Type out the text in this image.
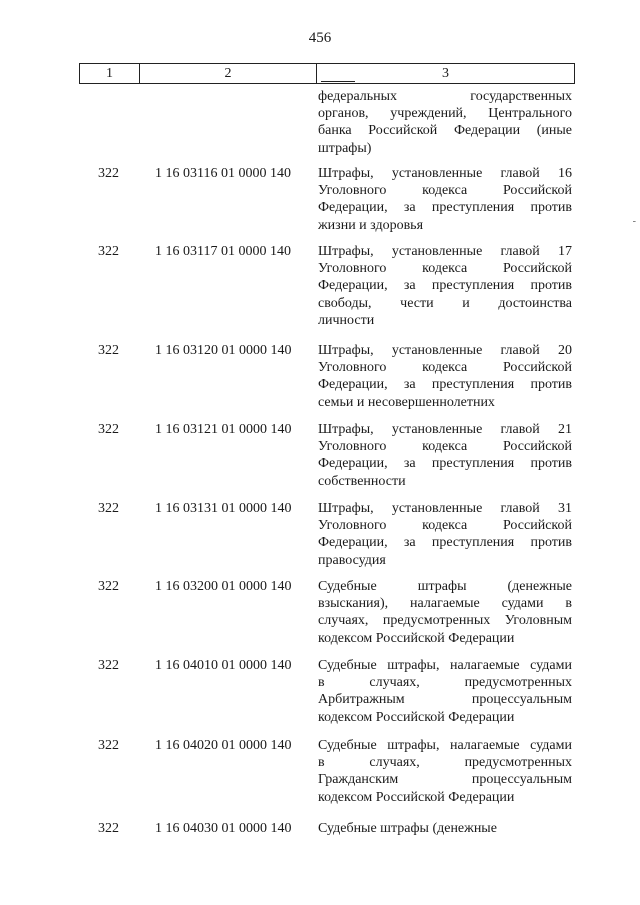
456
1	2	3
федеральных государственных
органов, учреждений, Центрального
банка Российской Федерации (иные
штрафы)
322	1 16 03116 01 0000 140	Штрафы, установленные главой 16
Уголовного кодекса Российской
Федерации, за преступления против
жизни и здоровья
322	1 16 03117 01 0000 140	Штрафы, установленные главой 17
Уголовного кодекса Российской
Федерации, за преступления против
свободы, чести и достоинства
личности
322	1 16 03120 01 0000 140	Штрафы, установленные главой 20
Уголовного кодекса Российской
Федерации, за преступления против
семьи и несовершеннолетних
322	1 16 03121 01 0000 140	Штрафы, установленные главой 21
Уголовного кодекса Российской
Федерации, за преступления против
собственности
322	1 16 03131 01 0000 140	Штрафы, установленные главой 31
Уголовного кодекса Российской
Федерации, за преступления против
правосудия
322	1 16 03200 01 0000 140	Судебные штрафы (денежные
взыскания), налагаемые судами в
случаях, предусмотренных Уголовным
кодексом Российской Федерации
322	1 16 04010 01 0000 140	Судебные штрафы, налагаемые судами
в случаях, предусмотренных
Арбитражным процессуальным
кодексом Российской Федерации
322	1 16 04020 01 0000 140	Судебные штрафы, налагаемые судами
в случаях, предусмотренных
Гражданским процессуальным
кодексом Российской Федерации
322	1 16 04030 01 0000 140	Судебные штрафы (денежные
-
